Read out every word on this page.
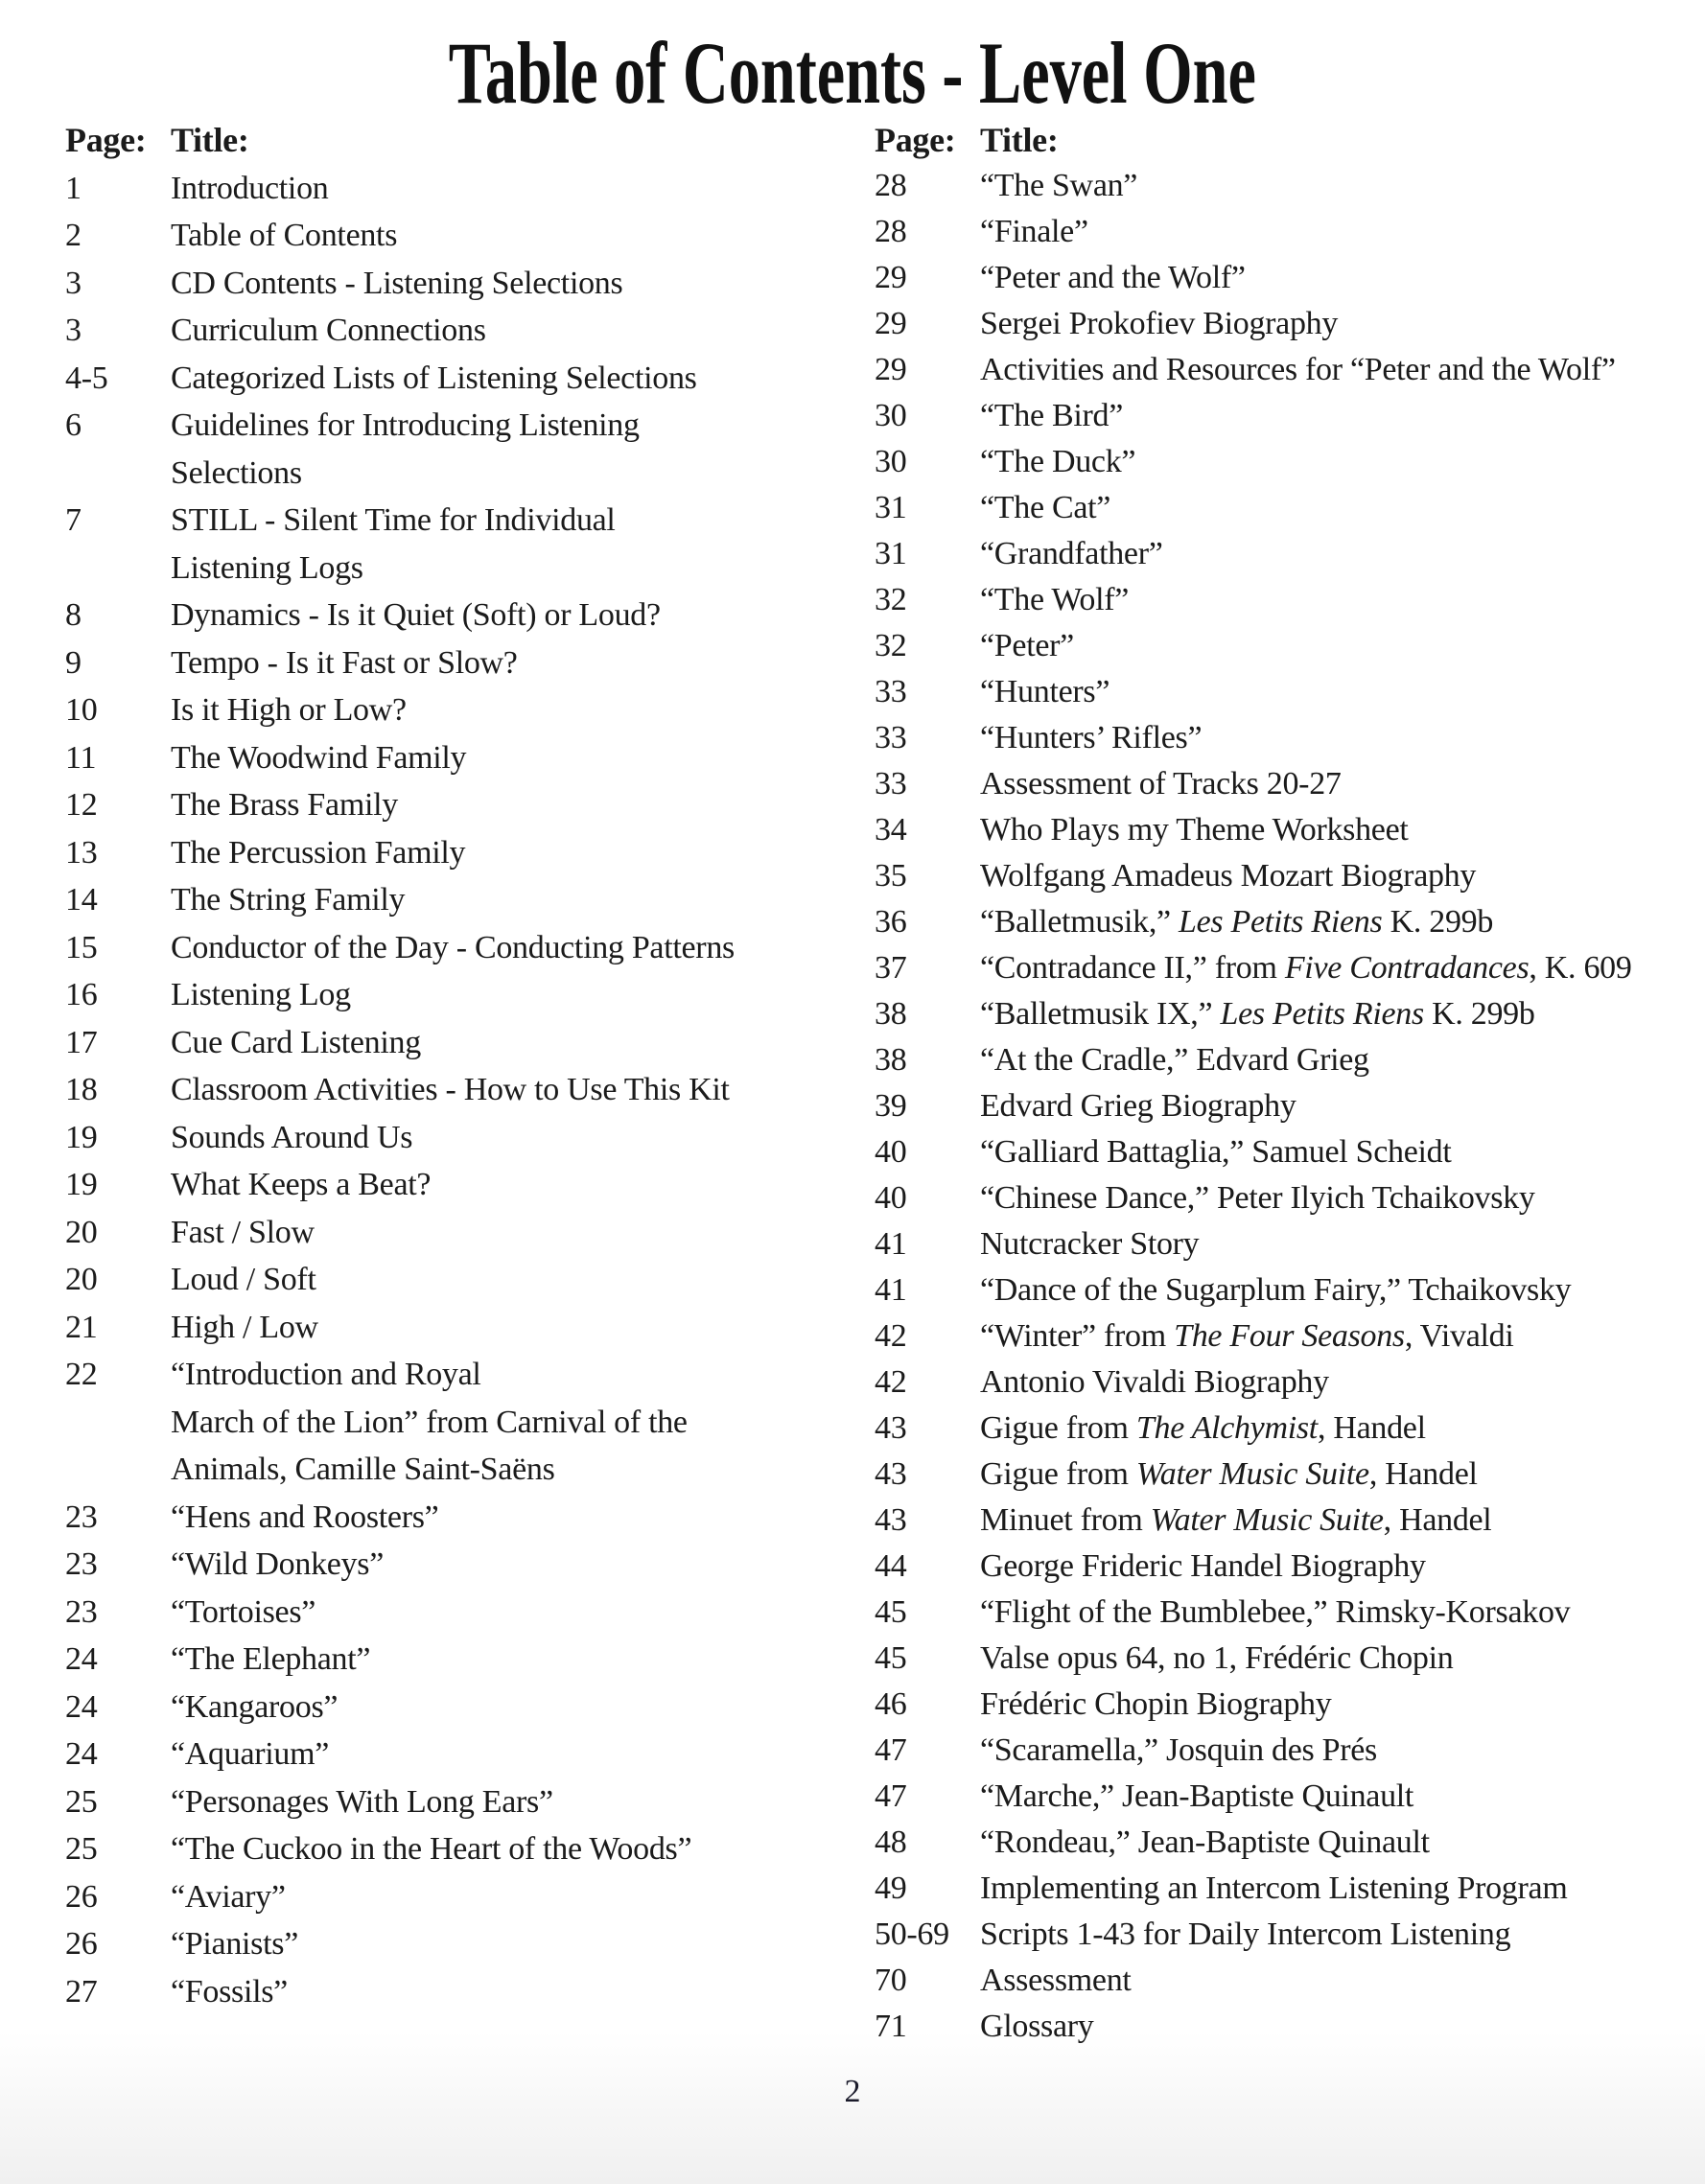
Table of Contents - Level One
Page: Title:
1	Introduction
2	Table of Contents
3	CD Contents - Listening Selections
3	Curriculum Connections
4-5	Categorized Lists of Listening Selections
6	Guidelines for Introducing Listening
Selections
7	STILL - Silent Time for Individual
Listening Logs
8	Dynamics - Is it Quiet (Soft) or Loud?
9	Tempo - Is it Fast or Slow?
10	Is it High or Low?
11	The Woodwind Family
12	The Brass Family
13	The Percussion Family
14	The String Family
15	Conductor of the Day - Conducting Patterns
16	Listening Log
17	Cue Card Listening
18	Classroom Activities - How to Use This Kit
19	Sounds Around Us
19	What Keeps a Beat?
20	Fast / Slow
20	Loud / Soft
21	High / Low
22	“Introduction and Royal
March of the Lion” from Carnival of the
Animals, Camille Saint-Saëns
23	“Hens and Roosters”
23	“Wild Donkeys”
23	“Tortoises”
24	“The Elephant”
24	“Kangaroos”
24	“Aquarium”
25	“Personages With Long Ears”
25	“The Cuckoo in the Heart of the Woods”
26	“Aviary”
26	“Pianists”
27	“Fossils”
Page: Title:
28	“The Swan”
28	“Finale”
29	“Peter and the Wolf”
29	Sergei Prokofiev Biography
29	Activities and Resources for “Peter and the Wolf”
30	“The Bird”
30	“The Duck”
31	“The Cat”
31	“Grandfather”
32	“The Wolf”
32	“Peter”
33	“Hunters”
33	“Hunters’ Rifles”
33	Assessment of Tracks 20-27
34	Who Plays my Theme Worksheet
35	Wolfgang Amadeus Mozart Biography
36	“Balletmusik,” Les Petits Riens K. 299b
37	“Contradance II,” from Five Contradances, K. 609
38	“Balletmusik IX,” Les Petits Riens K. 299b
38	“At the Cradle,” Edvard Grieg
39	Edvard Grieg Biography
40	“Galliard Battaglia,” Samuel Scheidt
40	“Chinese Dance,” Peter Ilyich Tchaikovsky
41	Nutcracker Story
41	“Dance of the Sugarplum Fairy,” Tchaikovsky
42	“Winter” from The Four Seasons, Vivaldi
42	Antonio Vivaldi Biography
43	Gigue from The Alchymist, Handel
43	Gigue from Water Music Suite, Handel
43	Minuet from Water Music Suite, Handel
44	George Frideric Handel Biography
45	“Flight of the Bumblebee,” Rimsky-Korsakov
45	Valse opus 64, no 1, Frédéric Chopin
46	Frédéric Chopin Biography
47	“Scaramella,” Josquin des Prés
47	“Marche,” Jean-Baptiste Quinault
48	“Rondeau,” Jean-Baptiste Quinault
49	Implementing an Intercom Listening Program
50-69 Scripts 1-43 for Daily Intercom Listening
70	Assessment
71	Glossary
2
